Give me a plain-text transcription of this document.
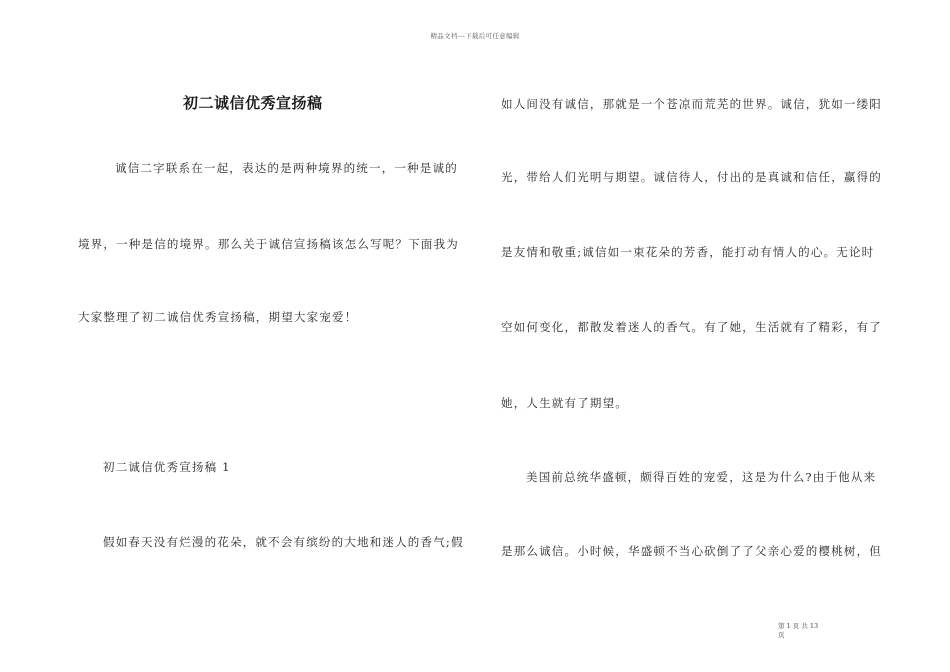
精品文档---下载后可任意编辑
初二诚信优秀宣扬稿
诚信二字联系在一起，表达的是两种境界的统一，一种是诚的
境界，一种是信的境界。那么关于诚信宣扬稿该怎么写呢？下面我为
大家整理了初二诚信优秀宣扬稿，期望大家宠爱！
初二诚信优秀宣扬稿 1
假如春天没有烂漫的花朵，就不会有缤纷的大地和迷人的香气;假
如人间没有诚信，那就是一个苍凉而荒芜的世界。诚信，犹如一缕阳
光，带给人们光明与期望。诚信待人，付出的是真诚和信任，赢得的
是友情和敬重;诚信如一束花朵的芳香，能打动有情人的心。无论时
空如何变化，都散发着迷人的香气。有了她，生活就有了精彩，有了
她，人生就有了期望。
美国前总统华盛顿，颇得百姓的宠爱，这是为什么?由于他从来
是那么诚信。小时候，华盛顿不当心砍倒了了父亲心爱的樱桃树，但
第 1 页 共 13
页
